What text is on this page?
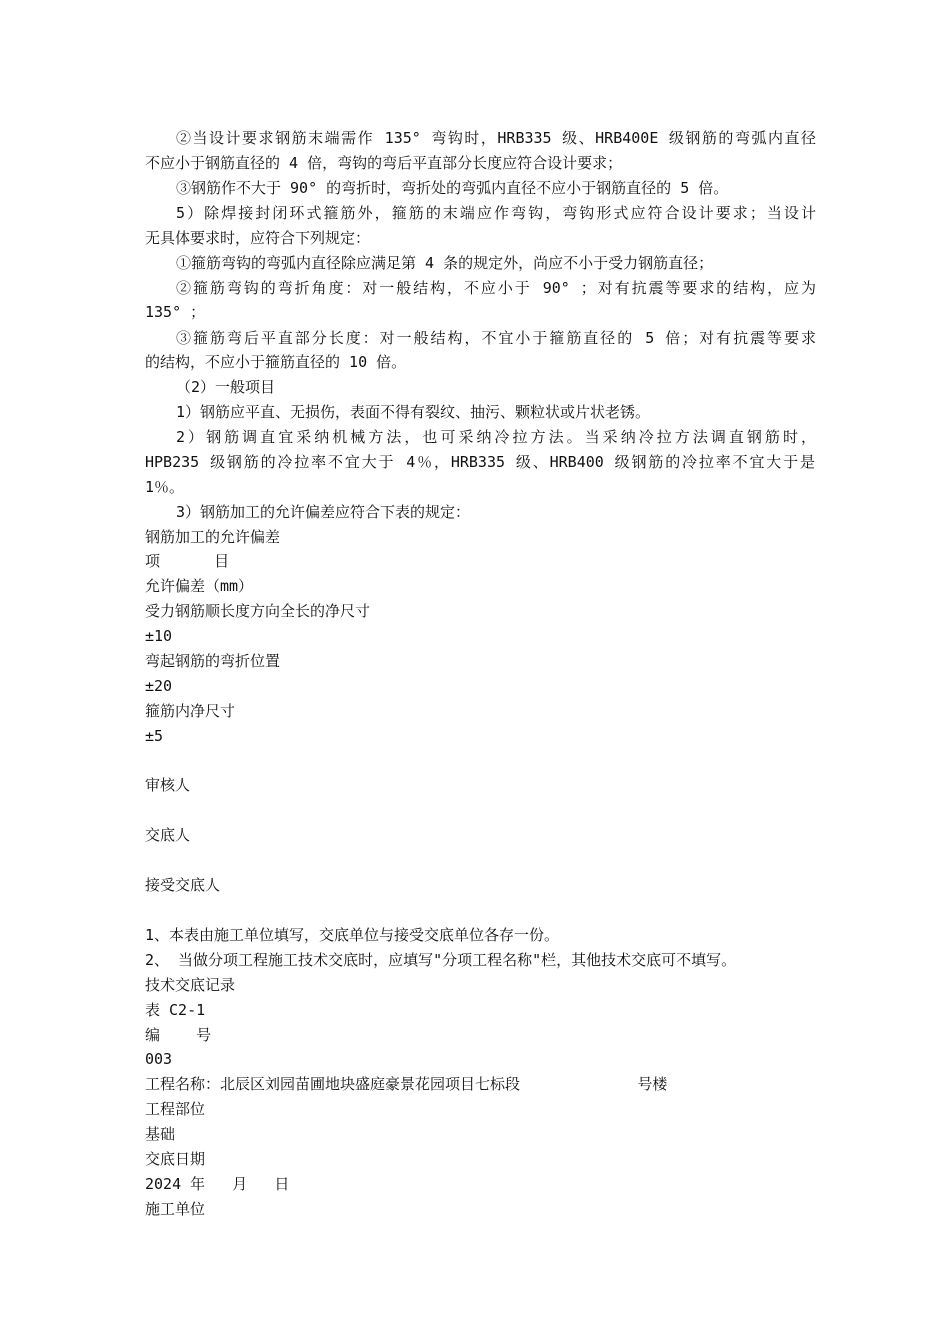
②当设计要求钢筋末端需作 135° 弯钩时，HRB335 级、HRB400E 级钢筋的弯弧内直径
不应小于钢筋直径的 4 倍，弯钩的弯后平直部分长度应符合设计要求；
③钢筋作不大于 90° 的弯折时，弯折处的弯弧内直径不应小于钢筋直径的 5 倍。
5）除焊接封闭环式箍筋外，箍筋的末端应作弯钩，弯钩形式应符合设计要求；当设计
无具体要求时，应符合下列规定：
①箍筋弯钩的弯弧内直径除应满足第 4 条的规定外，尚应不小于受力钢筋直径；
②箍筋弯钩的弯折角度：对一般结构，不应小于 90° ；对有抗震等要求的结构，应为
135° ；
③箍筋弯后平直部分长度：对一般结构，不宜小于箍筋直径的 5 倍；对有抗震等要求
的结构，不应小于箍筋直径的 10 倍。
（2）一般项目
1）钢筋应平直、无损伤，表面不得有裂纹、抽污、颗粒状或片状老锈。
2）钢筋调直宜采纳机械方法，也可采纳冷拉方法。当采纳冷拉方法调直钢筋时，
HPB235 级钢筋的冷拉率不宜大于 4％，HRB335 级、HRB400 级钢筋的冷拉率不宜大于是
1％。
3）钢筋加工的允许偏差应符合下表的规定：
钢筋加工的允许偏差
项      目
允许偏差（mm）
受力钢筋顺长度方向全长的净尺寸
±10
弯起钢筋的弯折位置
±20
箍筋内净尺寸
±5
审核人
交底人
接受交底人
1、本表由施工单位填写，交底单位与接受交底单位各存一份。
2、 当做分项工程施工技术交底时，应填写"分项工程名称"栏，其他技术交底可不填写。
技术交底记录
表 C2-1
编    号
003
工程名称：北辰区刘园苗圃地块盛庭豪景花园项目七标段             号楼
工程部位
基础
交底日期
2024 年   月   日
施工单位
